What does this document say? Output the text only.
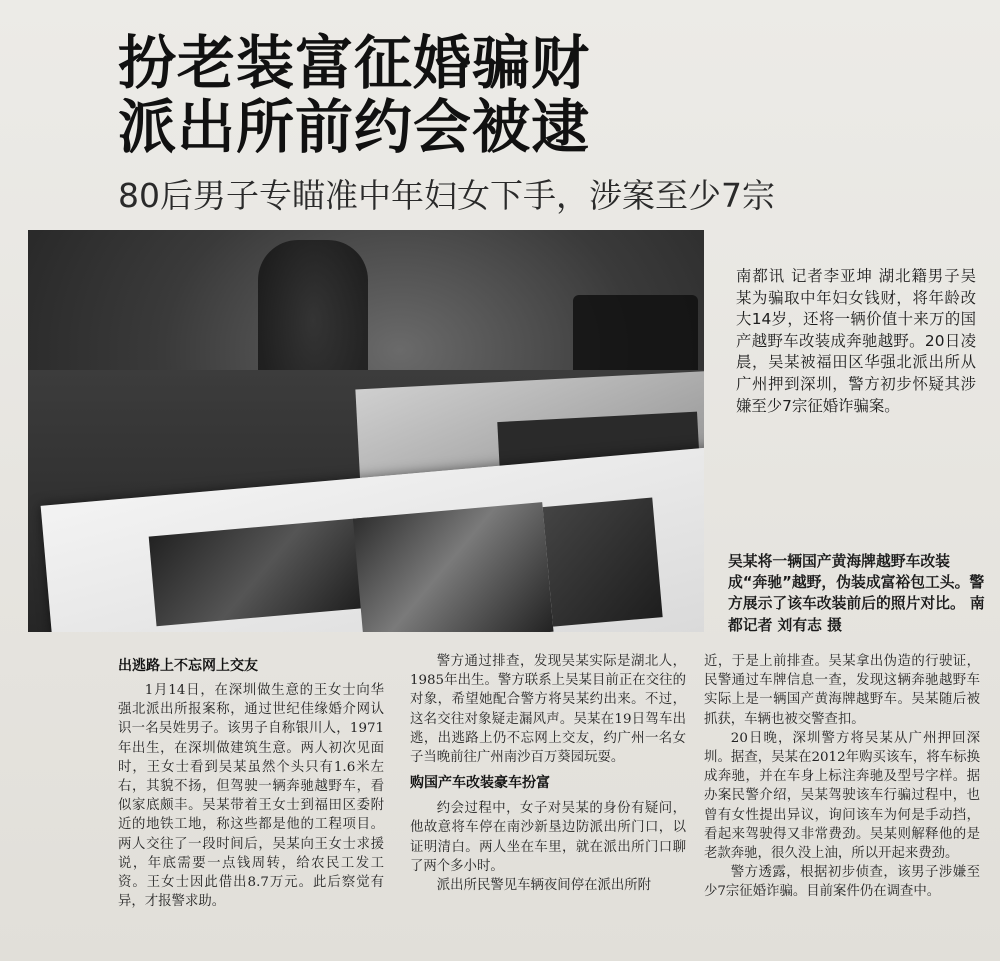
扮老装富征婚骗财
派出所前约会被逮
80后男子专瞄准中年妇女下手，涉案至少7宗
南都讯 记者李亚坤 湖北籍男子吴某为骗取中年妇女钱财，将年龄改大14岁，还将一辆价值十来万的国产越野车改装成奔驰越野。20日凌晨，吴某被福田区华强北派出所从广州押到深圳，警方初步怀疑其涉嫌至少7宗征婚诈骗案。
吴某将一辆国产黄海牌越野车改装成“奔驰”越野，伪装成富裕包工头。警方展示了该车改装前后的照片对比。 南都记者 刘有志 摄
出逃路上不忘网上交友

1月14日，在深圳做生意的王女士向华强北派出所报案称，通过世纪佳缘婚介网认识一名吴姓男子。该男子自称银川人，1971年出生，在深圳做建筑生意。两人初次见面时，王女士看到吴某虽然个头只有1.6米左右，其貌不扬，但驾驶一辆奔驰越野车，看似家底颇丰。吴某带着王女士到福田区委附近的地铁工地，称这些都是他的工程项目。两人交往了一段时间后，吴某向王女士求援说，年底需要一点钱周转，给农民工发工资。王女士因此借出8.7万元。此后察觉有异，才报警求助。

警方通过排查，发现吴某实际是湖北人，1985年出生。警方联系上吴某目前正在交往的对象，希望她配合警方将吴某约出来。不过，这名交往对象疑走漏风声。吴某在19日驾车出逃，出逃路上仍不忘网上交友，约广州一名女子当晚前往广州南沙百万葵园玩耍。

购国产车改装豪车扮富

约会过程中，女子对吴某的身份有疑问，他故意将车停在南沙新垦边防派出所门口，以证明清白。两人坐在车里，就在派出所门口聊了两个多小时。

派出所民警见车辆夜间停在派出所附

近，于是上前排查。吴某拿出伪造的行驶证，民警通过车牌信息一查，发现这辆奔驰越野车实际上是一辆国产黄海牌越野车。吴某随后被抓获，车辆也被交警查扣。

20日晚，深圳警方将吴某从广州押回深圳。据查，吴某在2012年购买该车，将车标换成奔驰，并在车身上标注奔驰及型号字样。据办案民警介绍，吴某驾驶该车行骗过程中，也曾有女性提出异议，询问该车为何是手动挡，看起来驾驶得又非常费劲。吴某则解释他的是老款奔驰，很久没上油，所以开起来费劲。

警方透露，根据初步侦查，该男子涉嫌至少7宗征婚诈骗。目前案件仍在调查中。
